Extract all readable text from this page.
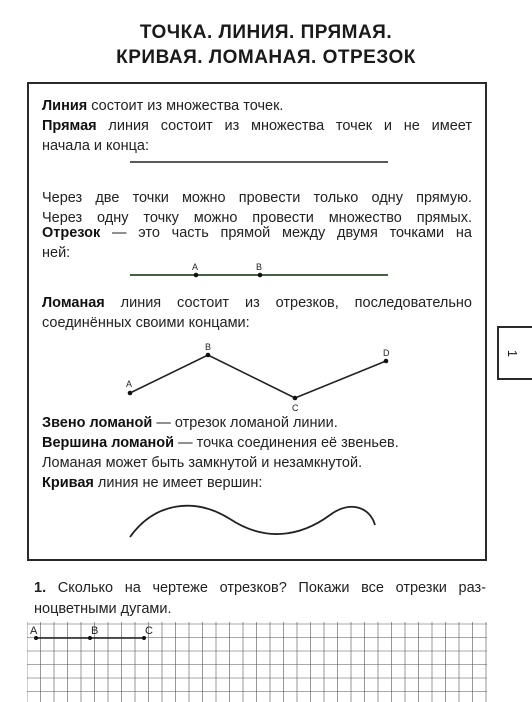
ТОЧКА. ЛИНИЯ. ПРЯМАЯ.
КРИВАЯ. ЛОМАНАЯ. ОТРЕЗОК
Линия состоит из множества точек.
Прямая линия состоит из множества точек и не имеет
начала и конца:
Через две точки можно провести только одну прямую.
Через одну точку можно провести множество прямых.
Отрезок — это часть прямой между двумя точками на
ней:
A	B
Ломаная линия состоит из отрезков, последовательно
соединённых своими концами:
A
B
C
D
Звено ломаной — отрезок ломаной линии.
Вершина ломаной — точка соединения её звеньев.
Ломаная может быть замкнутой и незамкнутой.
Кривая линия не имеет вершин:
1
1. Сколько на чертеже отрезков? Покажи все отрезки раз-
ноцветными дугами.
A	B	C
